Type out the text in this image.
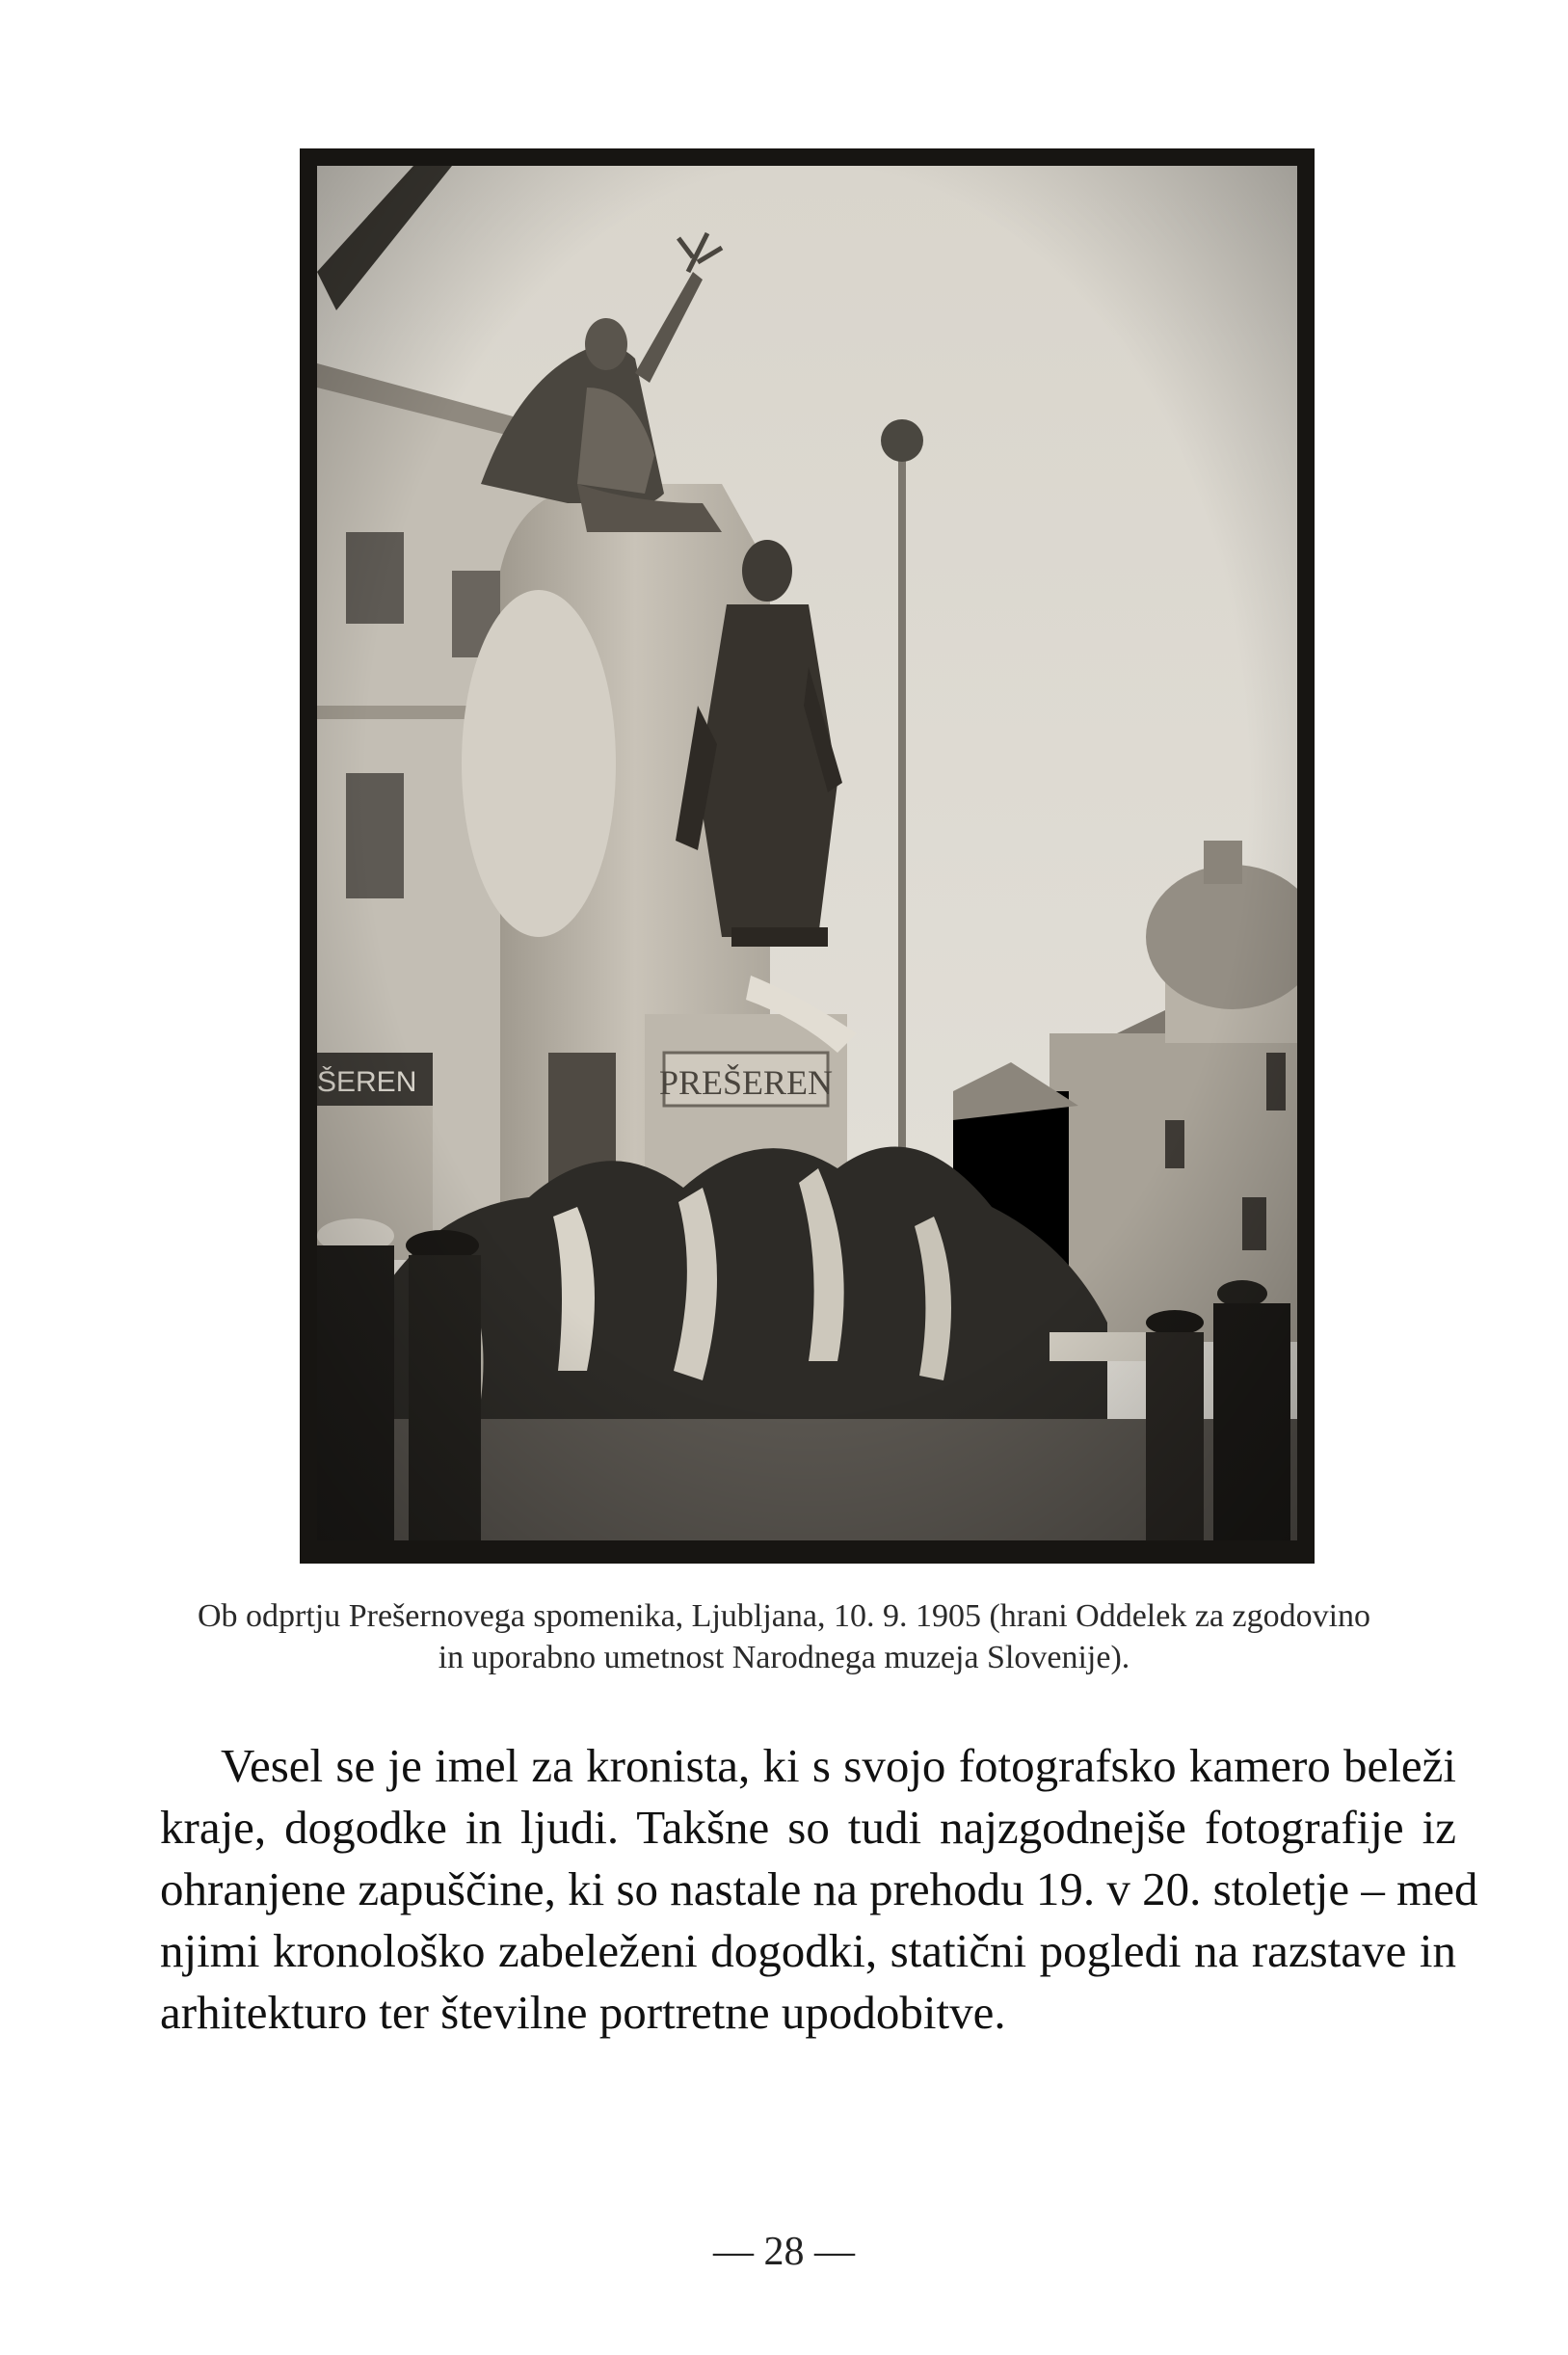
Ob odprtju Prešernovega spomenika, Ljubljana, 10. 9. 1905 (hrani Oddelek za zgodovino
in uporabno umetnost Narodnega muzeja Slovenije).
Vesel se je imel za kronista, ki s svojo fotografsko kamero beleži
kraje, dogodke in ljudi. Takšne so tudi najzgodnejše fotografije iz
ohranjene zapuščine, ki so nastale na prehodu 19. v 20. stoletje – med
njimi kronološko zabeleženi dogodki, statični pogledi na razstave in
arhitekturo ter številne portretne upodobitve.
— 28 —
